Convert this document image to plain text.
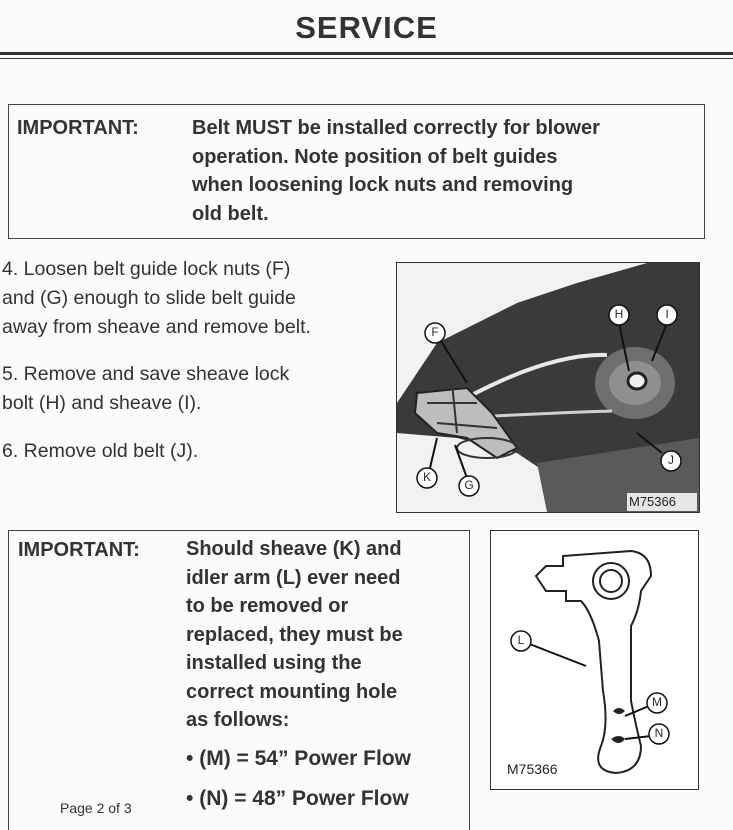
SERVICE
IMPORTANT:	Belt MUST be installed correctly for blower
operation. Note position of belt guides
when loosening lock nuts and removing
old belt.
4. Loosen belt guide lock nuts (F)
and (G) enough to slide belt guide
away from sheave and remove belt.
5. Remove and save sheave lock
bolt (H) and sheave (I).
6. Remove old belt (J).
F
H	I
J
K
G
M75366
IMPORTANT: Should sheave (K) and
idler arm (L) ever need
to be removed or
replaced, they must be
installed using the
correct mounting hole
as follows:
• (M) = 54” Power Flow
• (N) = 48” Power Flow
L
M
N
M75366
Page 2 of 3
